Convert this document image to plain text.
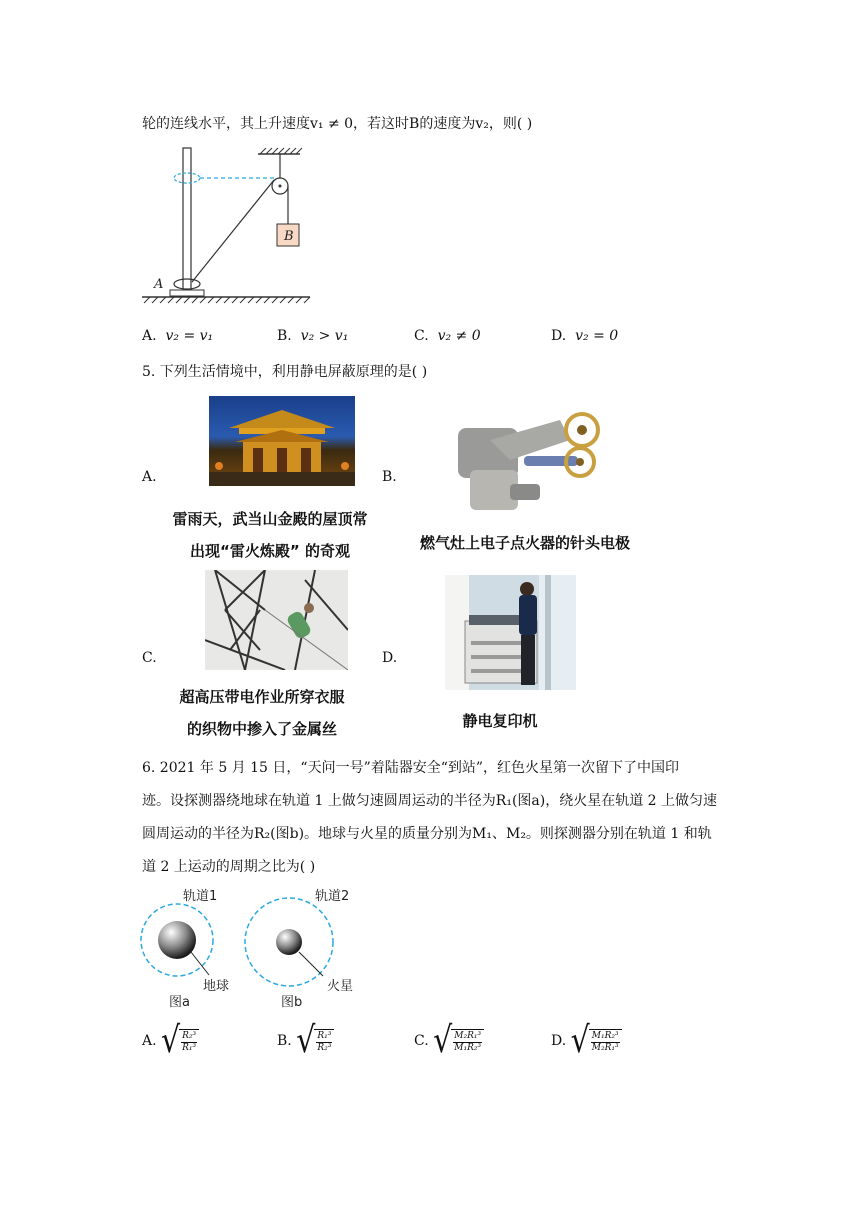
轮的连线水平，其上升速度v₁ ≠ 0，若这时B的速度为v₂，则( )
B
A
A. v₂ = v₁	B. v₂ > v₁	C. v₂ ≠ 0	D. v₂ = 0
5. 下列生活情境中，利用静电屏蔽原理的是( )
A.
雷雨天，武当山金殿的屋顶常
出现“雷火炼殿” 的奇观
B.
燃气灶上电子点火器的针头电极
C.
超高压带电作业所穿衣服
的织物中掺入了金属丝
D.
静电复印机
6. 2021 年 5 月 15 日，“天问一号”着陆器安全“到站”，红色火星第一次留下了中国印
迹。设探测器绕地球在轨道 1 上做匀速圆周运动的半径为R₁(图a)，绕火星在轨道 2 上做匀速
圆周运动的半径为R₂(图b)。地球与火星的质量分别为M₁、M₂。则探测器分别在轨道 1 和轨
道 2 上运动的周期之比为( )
轨道1
地球
图a
轨道2
火星
图b
A. √ $\frac{\text{R₂³}}{\text{R₁³}}$	B. √ $\frac{\text{R₁³}}{\text{R₂³}}$	C. √ $\frac{\text{M₂R₁³}}{\text{M₁R₂³}}$	D. √ $\frac{\text{M₁R₂³}}{\text{M₂R₁³}}$
